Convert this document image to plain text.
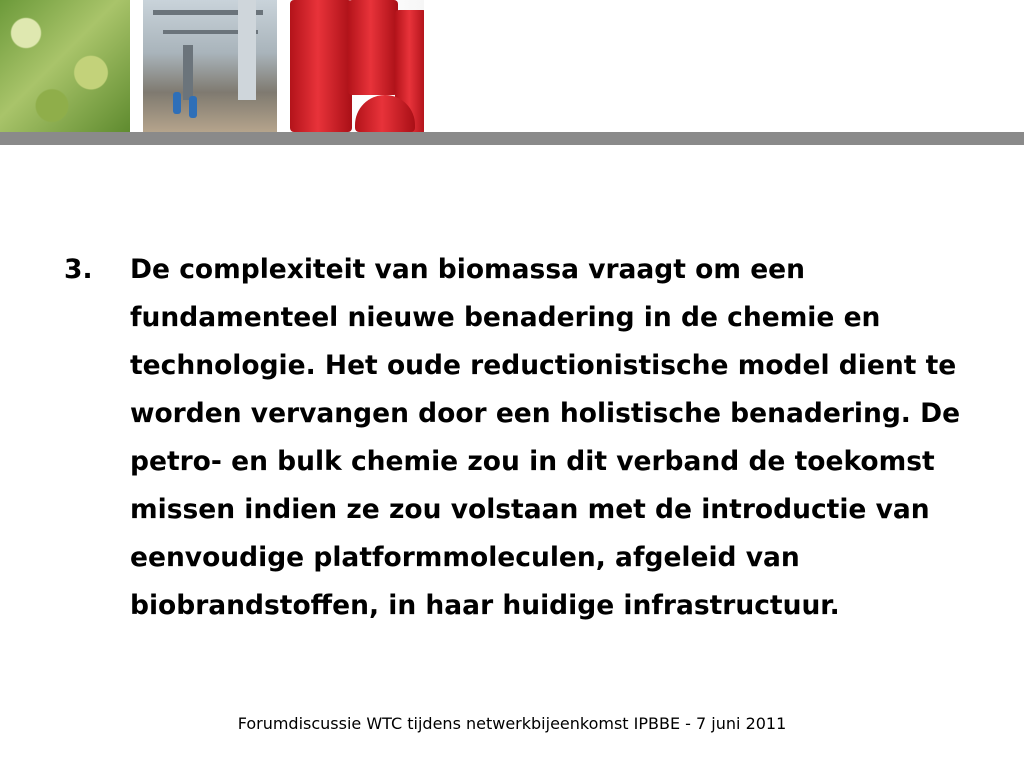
3.	De complexiteit van biomassa vraagt om een fundamenteel nieuwe benadering in de chemie en technologie. Het oude reductionistische model dient te worden vervangen door een holistische benadering. De petro- en bulk chemie zou in dit verband de toekomst missen indien ze zou volstaan met de introductie van eenvoudige platformmoleculen, afgeleid van biobrandstoffen, in haar huidige infrastructuur.
Forumdiscussie WTC tijdens netwerkbijeenkomst IPBBE - 7 juni 2011
